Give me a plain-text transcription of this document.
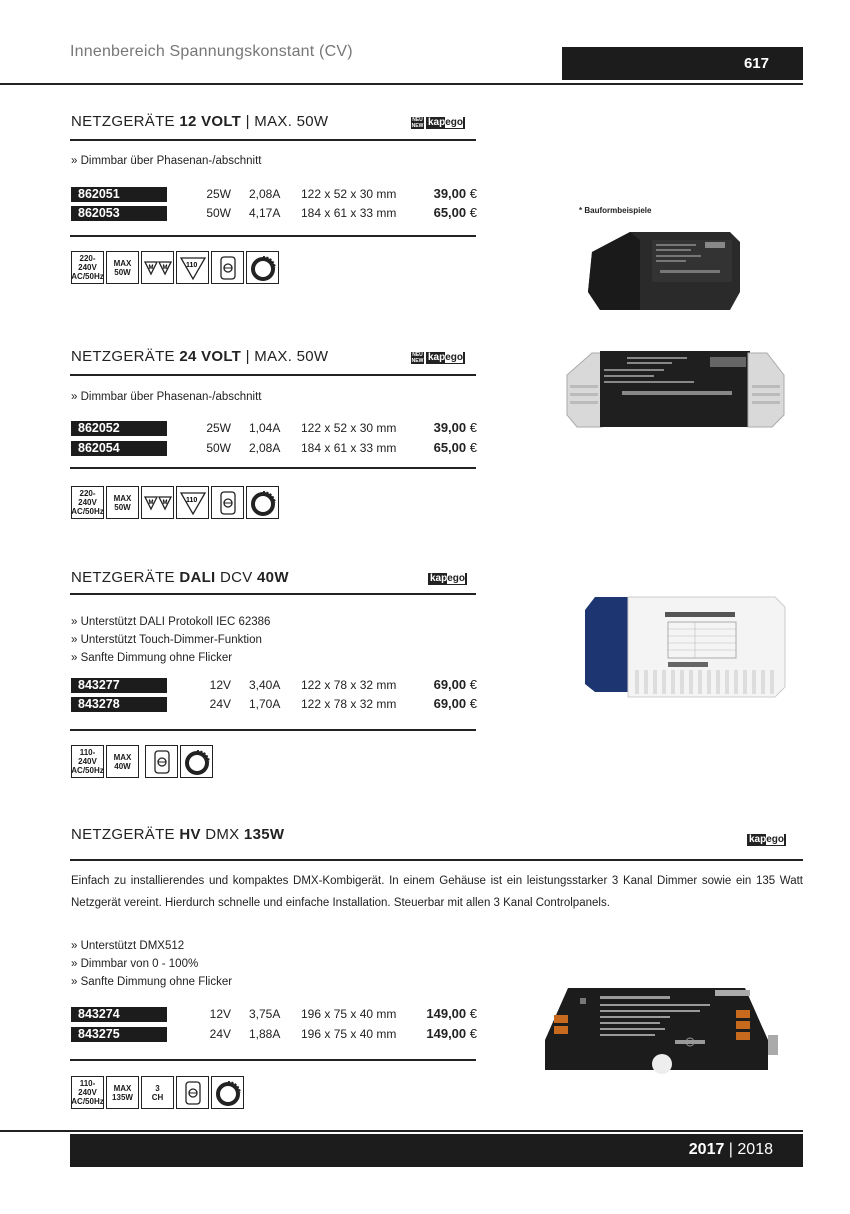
Innenbereich Spannungskonstant (CV)
617
NETZGERÄTE 12 VOLT | MAX. 50W	NEU
NEW kapego
» Dimmbar über Phasenan-/abschnitt
862051	25W 2,08A 122 x 52 x 30 mm	39,00 €
862053	50W 4,17A 184 x 61 x 33 mm	65,00 €
220-240V
AC/50Hz
MAX
50W	M M	110
* Bauformbeispiele
NETZGERÄTE 24 VOLT | MAX. 50W	NEU
NEW kapego
» Dimmbar über Phasenan-/abschnitt
862052	25W 1,04A 122 x 52 x 30 mm	39,00 €
862054	50W 2,08A 184 x 61 x 33 mm	65,00 €
220-240V
AC/50Hz
MAX
50W	M M	110
NETZGERÄTE DALI DCV 40W	kapego
» Unterstützt DALI Protokoll IEC 62386
» Unterstützt Touch-Dimmer-Funktion
» Sanfte Dimmung ohne Flicker
843277	12V 3,40A 122 x 78 x 32 mm	69,00 €
843278	24V 1,70A 122 x 78 x 32 mm	69,00 €
110-240V
AC/50Hz
MAX
40W
NETZGERÄTE HV DMX 135W	kapego
Einfach zu installierendes und kompaktes DMX-Kombigerät. In einem Gehäuse ist ein leistungsstarker 3 Kanal Dimmer sowie ein 135 Watt Netzgerät vereint. Hierdurch schnelle und einfache Installation. Steuerbar mit allen 3 Kanal Controlpanels.
» Unterstützt DMX512
» Dimmbar von 0 - 100%
» Sanfte Dimmung ohne Flicker
843274	12V 3,75A 196 x 75 x 40 mm 149,00 €
843275	24V 1,88A 196 x 75 x 40 mm 149,00 €
110-240V
AC/50Hz
MAX
135W
3
CH
2017 | 2018
